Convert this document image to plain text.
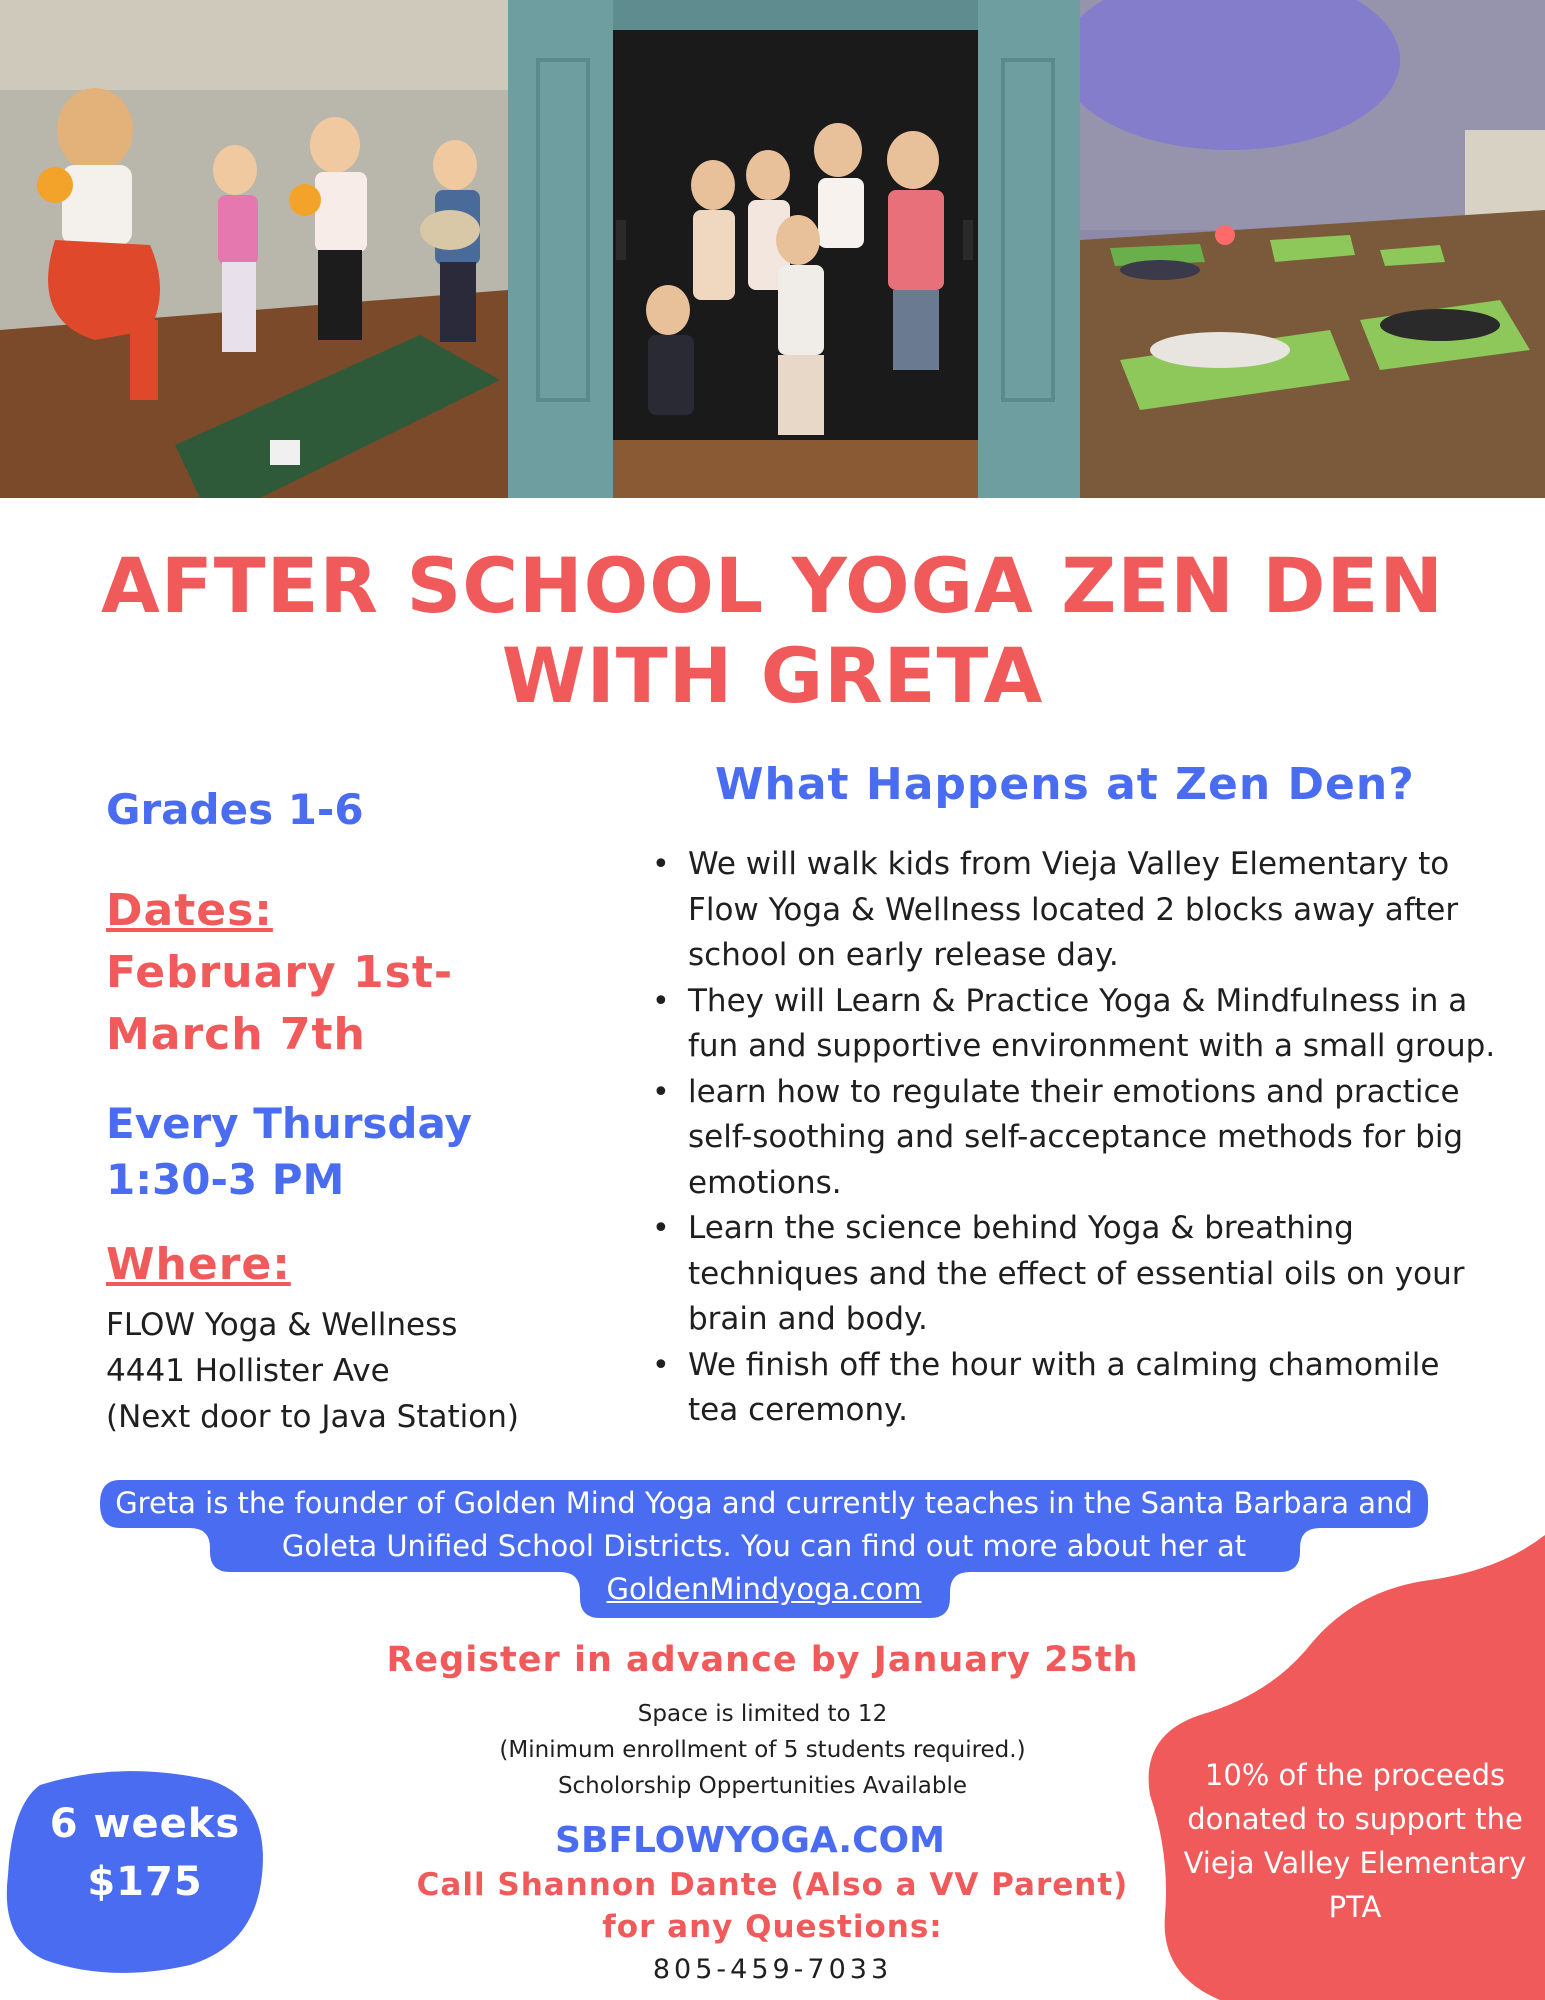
AFTER SCHOOL YOGA ZEN DEN
WITH GRETA
Grades 1-6
Dates:
February 1st-
March 7th
Every Thursday
1:30-3 PM
Where:
FLOW Yoga & Wellness
4441 Hollister Ave
(Next door to Java Station)
What Happens at Zen Den?
• We will walk kids from Vieja Valley Elementary to Flow Yoga & Wellness located 2 blocks away after school on early release day.
• They will Learn & Practice Yoga & Mindfulness in a fun and supportive environment with a small group.
• learn how to regulate their emotions and practice self-soothing and self-acceptance methods for big emotions.
• Learn the science behind Yoga & breathing techniques and the effect of essential oils on your brain and body.
• We finish off the hour with a calming chamomile tea ceremony.
Greta is the founder of Golden Mind Yoga and currently teaches in the Santa Barbara and Goleta Unified School Districts. You can find out more about her at
GoldenMindyoga.com
Register in advance by January 25th
Space is limited to 12
(Minimum enrollment of 5 students required.)
Scholorship Oppertunities Available
SBFLOWYOGA.COM
Call Shannon Dante (Also a VV Parent)
for any Questions:
805-459-7033
6 weeks
$175
10% of the proceeds donated to support the Vieja Valley Elementary PTA
